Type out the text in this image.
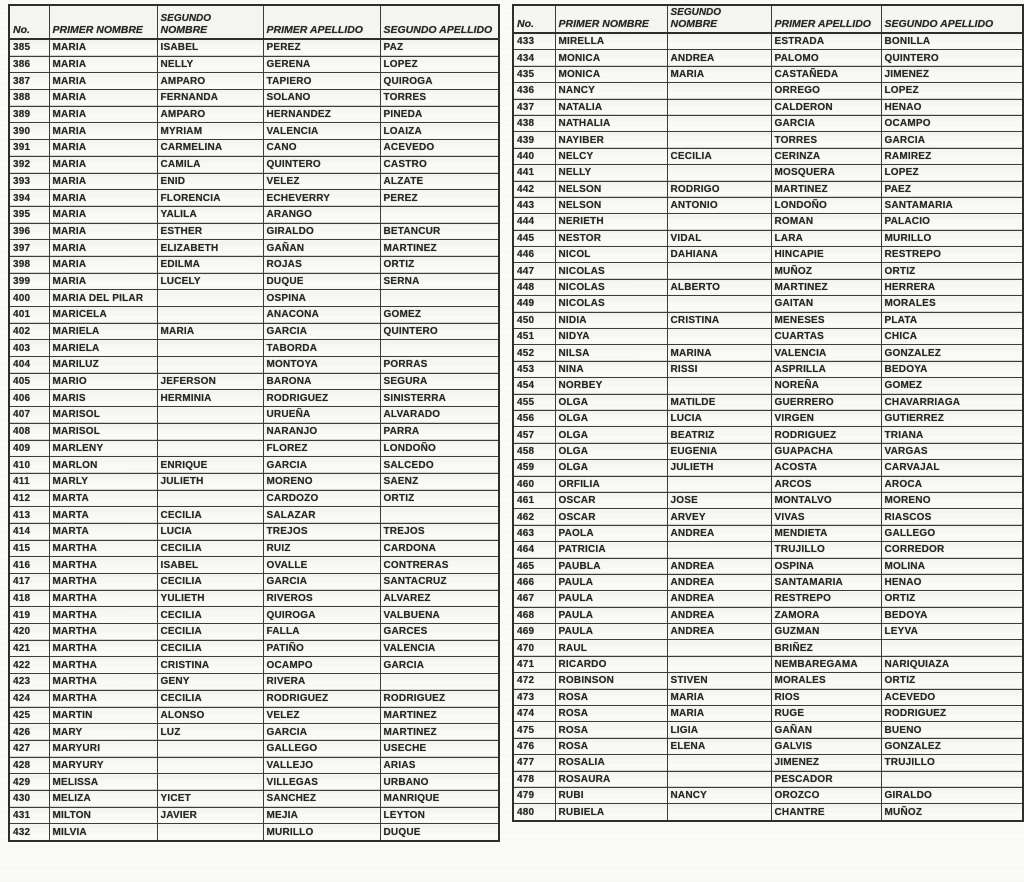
No.	PRIMER NOMBRE	SEGUNDO
NOMBRE	PRIMER APELLIDO	SEGUNDO APELLIDO

385	MARIA	ISABEL	PEREZ	PAZ
386	MARIA	NELLY	GERENA	LOPEZ
387	MARIA	AMPARO	TAPIERO	QUIROGA
388	MARIA	FERNANDA	SOLANO	TORRES
389	MARIA	AMPARO	HERNANDEZ	PINEDA
390	MARIA	MYRIAM	VALENCIA	LOAIZA
391	MARIA	CARMELINA	CANO	ACEVEDO
392	MARIA	CAMILA	QUINTERO	CASTRO
393	MARIA	ENID	VELEZ	ALZATE
394	MARIA	FLORENCIA	ECHEVERRY	PEREZ
395	MARIA	YALILA	ARANGO	
396	MARIA	ESTHER	GIRALDO	BETANCUR
397	MARIA	ELIZABETH	GAÑAN	MARTINEZ
398	MARIA	EDILMA	ROJAS	ORTIZ
399	MARIA	LUCELY	DUQUE	SERNA
400	MARIA DEL PILAR		OSPINA	
401	MARICELA		ANACONA	GOMEZ
402	MARIELA	MARIA	GARCIA	QUINTERO
403	MARIELA		TABORDA	
404	MARILUZ		MONTOYA	PORRAS
405	MARIO	JEFERSON	BARONA	SEGURA
406	MARIS	HERMINIA	RODRIGUEZ	SINISTERRA
407	MARISOL		URUEÑA	ALVARADO
408	MARISOL		NARANJO	PARRA
409	MARLENY		FLOREZ	LONDOÑO
410	MARLON	ENRIQUE	GARCIA	SALCEDO
411	MARLY	JULIETH	MORENO	SAENZ
412	MARTA		CARDOZO	ORTIZ
413	MARTA	CECILIA	SALAZAR	
414	MARTA	LUCIA	TREJOS	TREJOS
415	MARTHA	CECILIA	RUIZ	CARDONA
416	MARTHA	ISABEL	OVALLE	CONTRERAS
417	MARTHA	CECILIA	GARCIA	SANTACRUZ
418	MARTHA	YULIETH	RIVEROS	ALVAREZ
419	MARTHA	CECILIA	QUIROGA	VALBUENA
420	MARTHA	CECILIA	FALLA	GARCES
421	MARTHA	CECILIA	PATIÑO	VALENCIA
422	MARTHA	CRISTINA	OCAMPO	GARCIA
423	MARTHA	GENY	RIVERA	
424	MARTHA	CECILIA	RODRIGUEZ	RODRIGUEZ
425	MARTIN	ALONSO	VELEZ	MARTINEZ
426	MARY	LUZ	GARCIA	MARTINEZ
427	MARYURI		GALLEGO	USECHE
428	MARYURY		VALLEJO	ARIAS
429	MELISSA		VILLEGAS	URBANO
430	MELIZA	YICET	SANCHEZ	MANRIQUE
431	MILTON	JAVIER	MEJIA	LEYTON
432	MILVIA		MURILLO	DUQUE
No.	PRIMER NOMBRE	SEGUNDO
NOMBRE	PRIMER APELLIDO	SEGUNDO APELLIDO

433	MIRELLA		ESTRADA	BONILLA
434	MONICA	ANDREA	PALOMO	QUINTERO
435	MONICA	MARIA	CASTAÑEDA	JIMENEZ
436	NANCY		ORREGO	LOPEZ
437	NATALIA		CALDERON	HENAO
438	NATHALIA		GARCIA	OCAMPO
439	NAYIBER		TORRES	GARCIA
440	NELCY	CECILIA	CERINZA	RAMIREZ
441	NELLY		MOSQUERA	LOPEZ
442	NELSON	RODRIGO	MARTINEZ	PAEZ
443	NELSON	ANTONIO	LONDOÑO	SANTAMARIA
444	NERIETH		ROMAN	PALACIO
445	NESTOR	VIDAL	LARA	MURILLO
446	NICOL	DAHIANA	HINCAPIE	RESTREPO
447	NICOLAS		MUÑOZ	ORTIZ
448	NICOLAS	ALBERTO	MARTINEZ	HERRERA
449	NICOLAS		GAITAN	MORALES
450	NIDIA	CRISTINA	MENESES	PLATA
451	NIDYA		CUARTAS	CHICA
452	NILSA	MARINA	VALENCIA	GONZALEZ
453	NINA	RISSI	ASPRILLA	BEDOYA
454	NORBEY		NOREÑA	GOMEZ
455	OLGA	MATILDE	GUERRERO	CHAVARRIAGA
456	OLGA	LUCIA	VIRGEN	GUTIERREZ
457	OLGA	BEATRIZ	RODRIGUEZ	TRIANA
458	OLGA	EUGENIA	GUAPACHA	VARGAS
459	OLGA	JULIETH	ACOSTA	CARVAJAL
460	ORFILIA		ARCOS	AROCA
461	OSCAR	JOSE	MONTALVO	MORENO
462	OSCAR	ARVEY	VIVAS	RIASCOS
463	PAOLA	ANDREA	MENDIETA	GALLEGO
464	PATRICIA		TRUJILLO	CORREDOR
465	PAUBLA	ANDREA	OSPINA	MOLINA
466	PAULA	ANDREA	SANTAMARIA	HENAO
467	PAULA	ANDREA	RESTREPO	ORTIZ
468	PAULA	ANDREA	ZAMORA	BEDOYA
469	PAULA	ANDREA	GUZMAN	LEYVA
470	RAUL		BRIÑEZ	
471	RICARDO		NEMBAREGAMA	NARIQUIAZA
472	ROBINSON	STIVEN	MORALES	ORTIZ
473	ROSA	MARIA	RIOS	ACEVEDO
474	ROSA	MARIA	RUGE	RODRIGUEZ
475	ROSA	LIGIA	GAÑAN	BUENO
476	ROSA	ELENA	GALVIS	GONZALEZ
477	ROSALIA		JIMENEZ	TRUJILLO
478	ROSAURA		PESCADOR	
479	RUBI	NANCY	OROZCO	GIRALDO
480	RUBIELA		CHANTRE	MUÑOZ
